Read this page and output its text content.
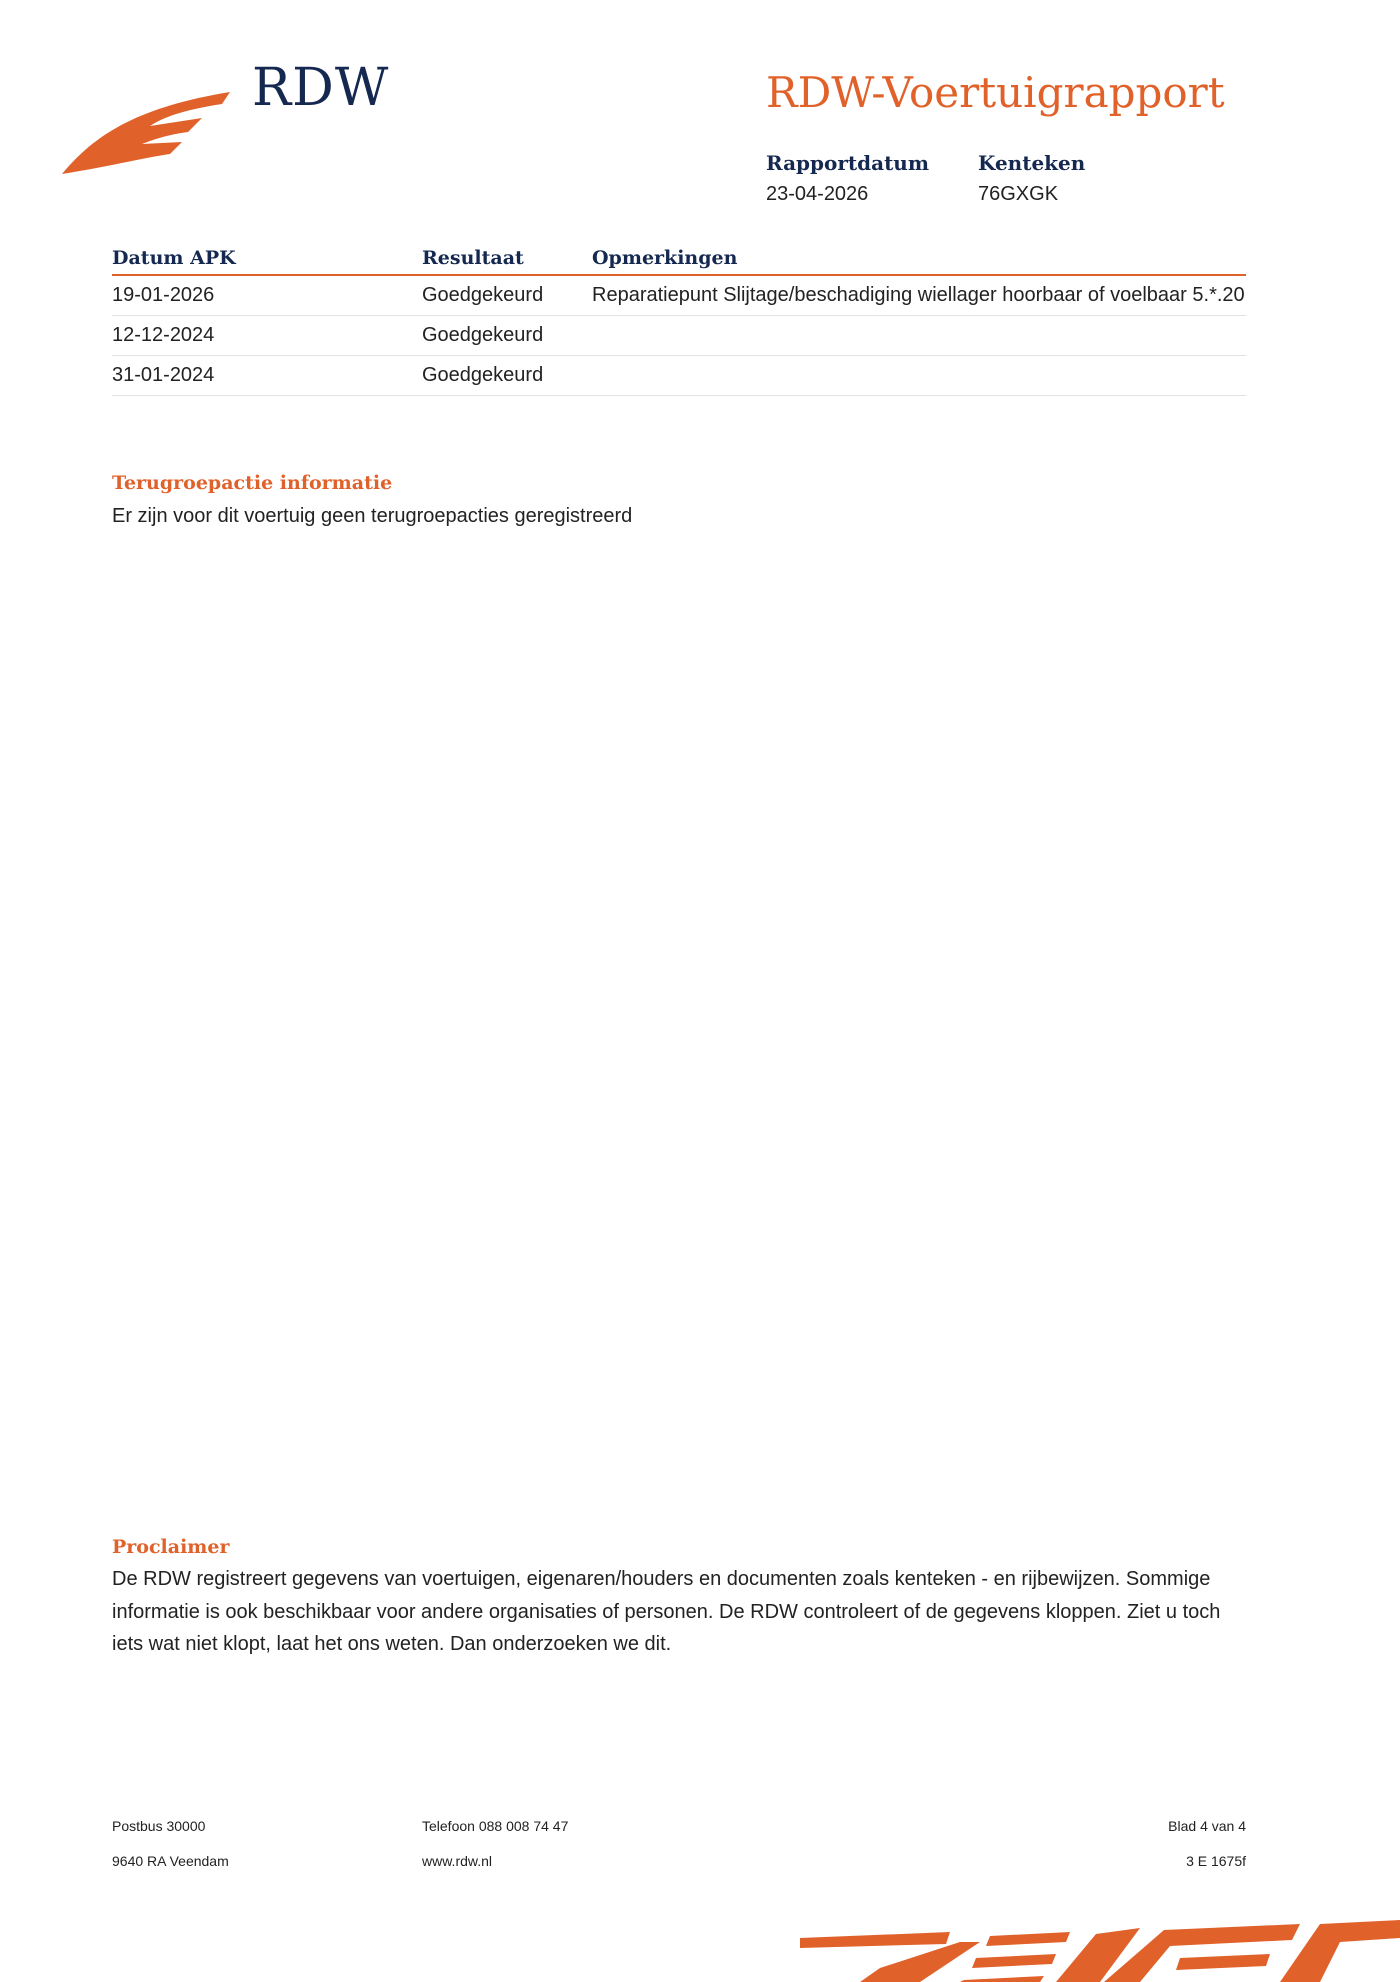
RDW	RDW-Voertuigrapport
Rapportdatum
23-04-2026
Kenteken
76GXGK
Datum APK	Resultaat	Opmerkingen
19-01-2026	Goedgekeurd	Reparatiepunt Slijtage/beschadiging wiellager hoorbaar of voelbaar 5.*.20
12-12-2024	Goedgekeurd	
31-01-2024	Goedgekeurd	
Terugroepactie informatie
Er zijn voor dit voertuig geen terugroepacties geregistreerd
Proclaimer
De RDW registreert gegevens van voertuigen, eigenaren/houders en documenten zoals kenteken - en rijbewijzen. Sommige informatie is ook beschikbaar voor andere organisaties of personen. De RDW controleert of de gegevens kloppen. Ziet u toch iets wat niet klopt, laat het ons weten. Dan onderzoeken we dit.
Postbus 30000
9640 RA Veendam
Telefoon 088 008 74 47
www.rdw.nl
Blad 4 van 4
3 E 1675f
